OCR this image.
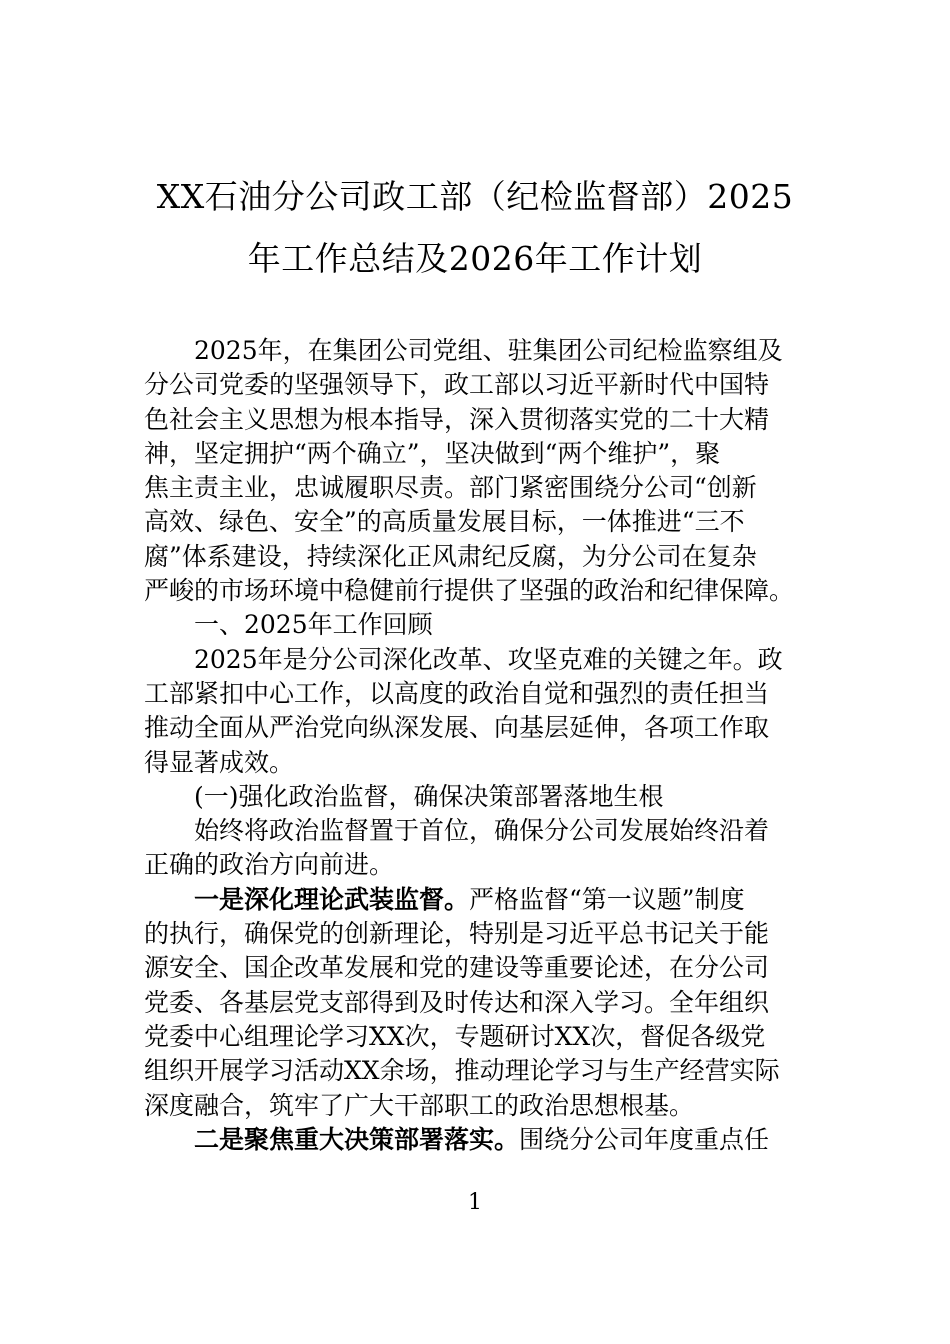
XX石油分公司政工部（纪检监督部）2025
年工作总结及2026年工作计划
2025年，在集团公司党组、驻集团公司纪检监察组及
分公司党委的坚强领导下，政工部以习近平新时代中国特
色社会主义思想为根本指导，深入贯彻落实党的二十大精
神，坚定拥护“两个确立”，坚决做到“两个维护”，聚
焦主责主业，忠诚履职尽责。部门紧密围绕分公司“创新
高效、绿色、安全”的高质量发展目标，一体推进“三不
腐”体系建设，持续深化正风肃纪反腐，为分公司在复杂
严峻的市场环境中稳健前行提供了坚强的政治和纪律保障。
一、2025年工作回顾
2025年是分公司深化改革、攻坚克难的关键之年。政
工部紧扣中心工作，以高度的政治自觉和强烈的责任担当
推动全面从严治党向纵深发展、向基层延伸，各项工作取
得显著成效。
(一)强化政治监督，确保决策部署落地生根
始终将政治监督置于首位，确保分公司发展始终沿着
正确的政治方向前进。
一是深化理论武装监督。严格监督“第一议题”制度
的执行，确保党的创新理论，特别是习近平总书记关于能
源安全、国企改革发展和党的建设等重要论述，在分公司
党委、各基层党支部得到及时传达和深入学习。全年组织
党委中心组理论学习XX次，专题研讨XX次，督促各级党
组织开展学习活动XX余场，推动理论学习与生产经营实际
深度融合，筑牢了广大干部职工的政治思想根基。
二是聚焦重大决策部署落实。围绕分公司年度重点任
1
